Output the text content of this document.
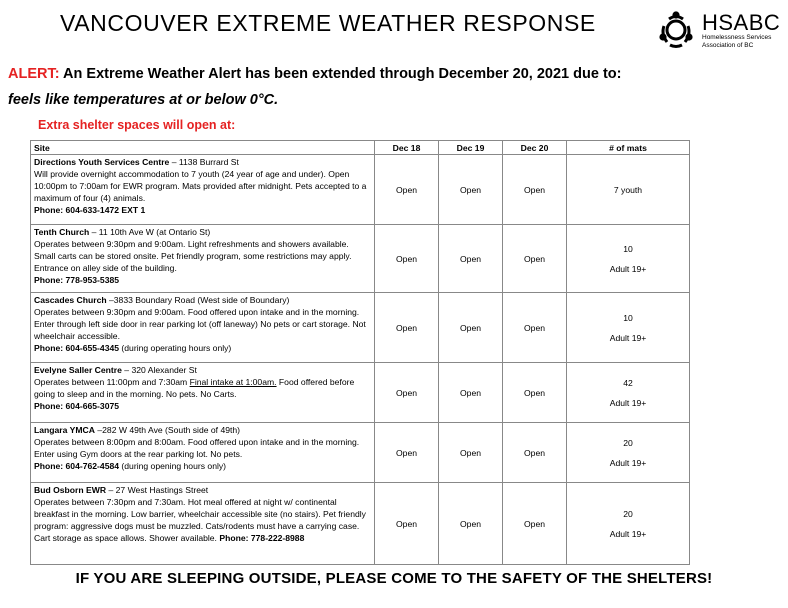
VANCOUVER EXTREME WEATHER RESPONSE	HSABC
Homelessness Services Association of BC
ALERT: An Extreme Weather Alert has been extended through December 20, 2021 due to:
feels like temperatures at or below 0°C.
Extra shelter spaces will open at:
Site	Dec 18	Dec 19	Dec 20	# of mats
Directions Youth Services Centre – 1138 Burrard St
Will provide overnight accommodation to 7 youth (24 year of age and under). Open 10:00pm to 7:00am for EWR program. Mats provided after midnight. Pets accepted to a maximum of four (4) animals.
Phone: 604-633-1472 EXT 1	Open	Open	Open	7 youth
Tenth Church – 11 10th Ave W (at Ontario St)
Operates between 9:30pm and 9:00am. Light refreshments and showers available. Small carts can be stored onsite. Pet friendly program, some restrictions may apply. Entrance on alley side of the building.
Phone: 778-953-5385	Open	Open	Open	10
Adult 19+

Cascades Church –3833 Boundary Road (West side of Boundary)
Operates between 9:30pm and 9:00am. Food offered upon intake and in the morning. Enter through left side door in rear parking lot (off laneway) No pets or cart storage. Not wheelchair accessible.
Phone: 604-655-4345 (during operating hours only)	Open	Open	Open	10
Adult 19+

Evelyne Saller Centre – 320 Alexander St
Operates between 11:00pm and 7:30am Final intake at 1:00am. Food offered before going to sleep and in the morning. No pets. No Carts.
Phone: 604-665-3075	Open	Open	Open	42
Adult 19+

Langara YMCA –282 W 49th Ave (South side of 49th)
Operates between 8:00pm and 8:00am. Food offered upon intake and in the morning. Enter using Gym doors at the rear parking lot. No pets.
Phone: 604-762-4584 (during opening hours only)	Open	Open	Open	20
Adult 19+

Bud Osborn EWR – 27 West Hastings Street
Operates between 7:30pm and 7:30am. Hot meal offered at night w/ continental breakfast in the morning. Low barrier, wheelchair accessible site (no stairs). Pet friendly program: aggressive dogs must be muzzled. Cats/rodents must have a carrying case. Cart storage as space allows. Shower available. Phone: 778-222-8988	Open	Open	Open	20
Adult 19+
IF YOU ARE SLEEPING OUTSIDE, PLEASE COME TO THE SAFETY OF THE SHELTERS!
